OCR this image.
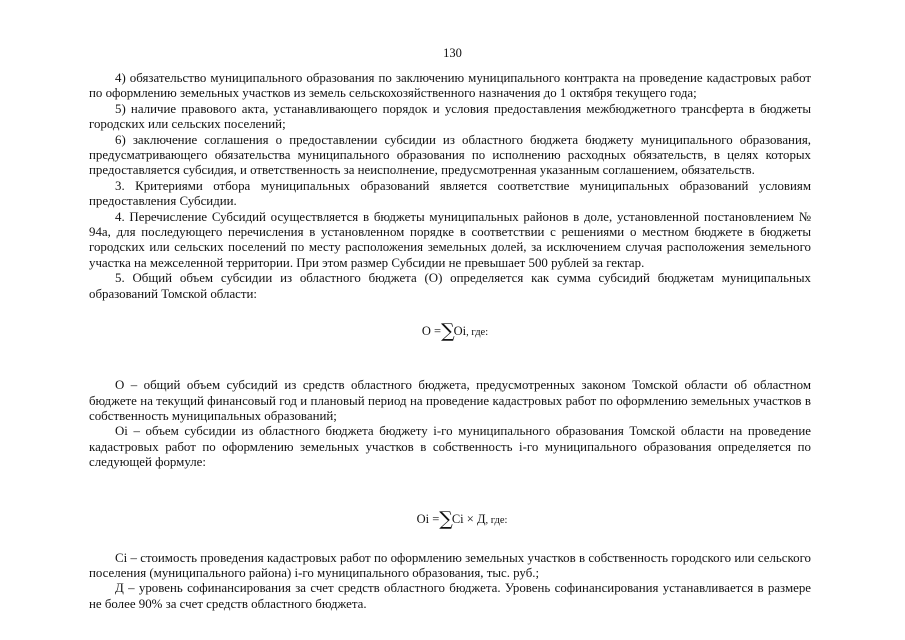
130

4) обязательство муниципального образования по заключению муниципального контракта на проведение кадастровых работ по оформлению земельных участков из земель сельскохозяйственного назначения до 1 октября текущего года;

5) наличие правового акта, устанавливающего порядок и условия предоставления межбюджетного трансферта в бюджеты городских или сельских поселений;

6) заключение соглашения о предоставлении субсидии из областного бюджета бюджету муниципального образования, предусматривающего обязательства муниципального образования по исполнению расходных обязательств, в целях которых предоставляется субсидия, и ответственность за неисполнение, предусмотренная указанным соглашением, обязательств.

3. Критериями отбора муниципальных образований является соответствие муниципальных образований условиям предоставления Субсидии.

4. Перечисление Субсидий осуществляется в бюджеты муниципальных районов в доле, установленной постановлением № 94а, для последующего перечисления в установленном порядке в соответствии с решениями о местном бюджете в бюджеты городских или сельских поселений по месту расположения земельных долей, за исключением случая расположения земельного участка на межселенной территории. При этом размер Субсидии не превышает 500 рублей за гектар.

5. Общий объем субсидии из областного бюджета (О) определяется как сумма субсидий бюджетам муниципальных образований Томской области:

О =∑Oi, где:

О – общий объем субсидий из средств областного бюджета, предусмотренных законом Томской области об областном бюджете на текущий финансовый год и плановый период на проведение кадастровых работ по оформлению земельных участков в собственность муниципальных образований;

Oi – объем субсидии из областного бюджета бюджету i-го муниципального образования Томской области на проведение кадастровых работ по оформлению земельных участков в собственность i-го муниципального образования определяется по следующей формуле:

Oi =∑Ci × Д, где:

Ci – стоимость проведения кадастровых работ по оформлению земельных участков в собственность городского или сельского поселения (муниципального района) i-го муниципального образования, тыс. руб.;

Д – уровень софинансирования за счет средств областного бюджета. Уровень софинансирования устанавливается в размере не более 90% за счет средств областного бюджета.
